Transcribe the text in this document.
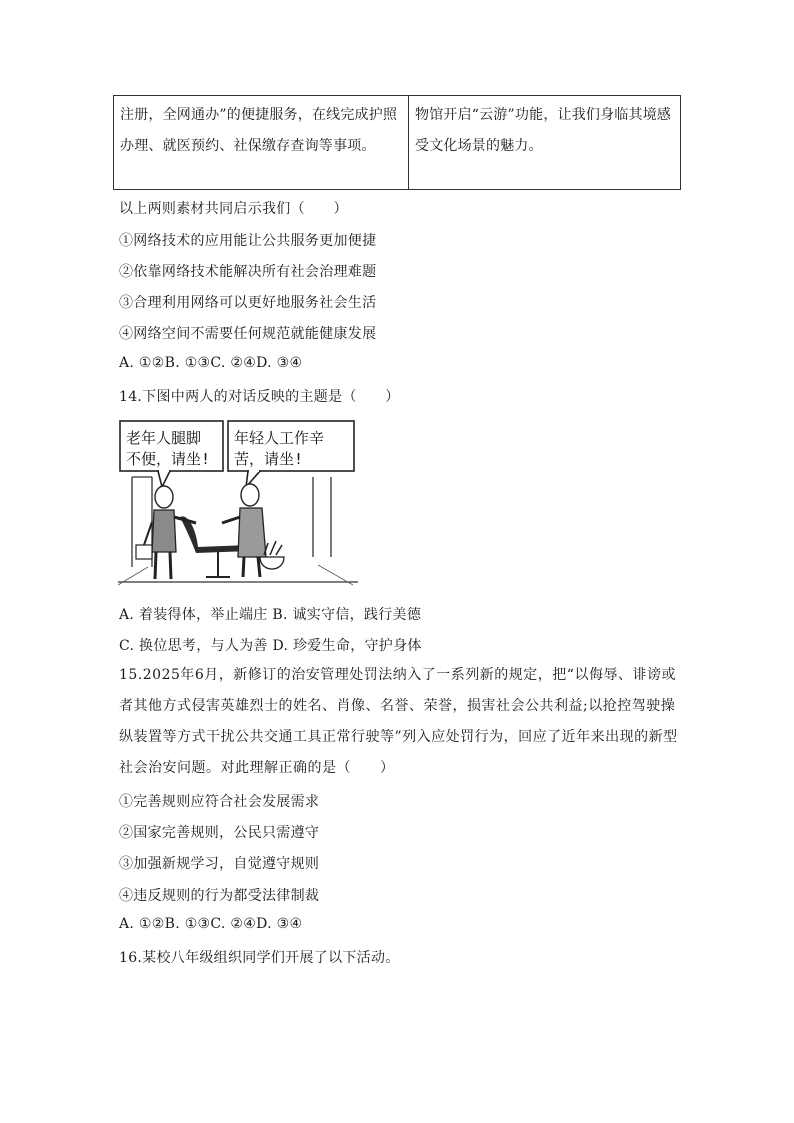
注册，全网通办”的便捷服务，在线完成护照办理、就医预约、社保缴存查询等事项。	物馆开启“云游”功能，让我们身临其境感受文化场景的魅力。
以上两则素材共同启示我们（　　）
①网络技术的应用能让公共服务更加便捷
②依靠网络技术能解决所有社会治理难题
③合理利用网络可以更好地服务社会生活
④网络空间不需要任何规范就能健康发展
A. ①②B. ①③C. ②④D. ③④
14.下图中两人的对话反映的主题是（　　）
老年人腿脚
不便，请坐!
年轻人工作辛
苦，请坐!
A. 着装得体，举止端庄 B. 诚实守信，践行美德
C. 换位思考，与人为善 D. 珍爱生命，守护身体
15.2025年6月，新修订的治安管理处罚法纳入了一系列新的规定，把“以侮辱、诽谤或者其他方式侵害英雄烈士的姓名、肖像、名誉、荣誉，损害社会公共利益;以抢控驾驶操纵装置等方式干扰公共交通工具正常行驶等”列入应处罚行为，回应了近年来出现的新型社会治安问题。对此理解正确的是（　　）
①完善规则应符合社会发展需求
②国家完善规则，公民只需遵守
③加强新规学习，自觉遵守规则
④违反规则的行为都受法律制裁
A. ①②B. ①③C. ②④D. ③④
16.某校八年级组织同学们开展了以下活动。
